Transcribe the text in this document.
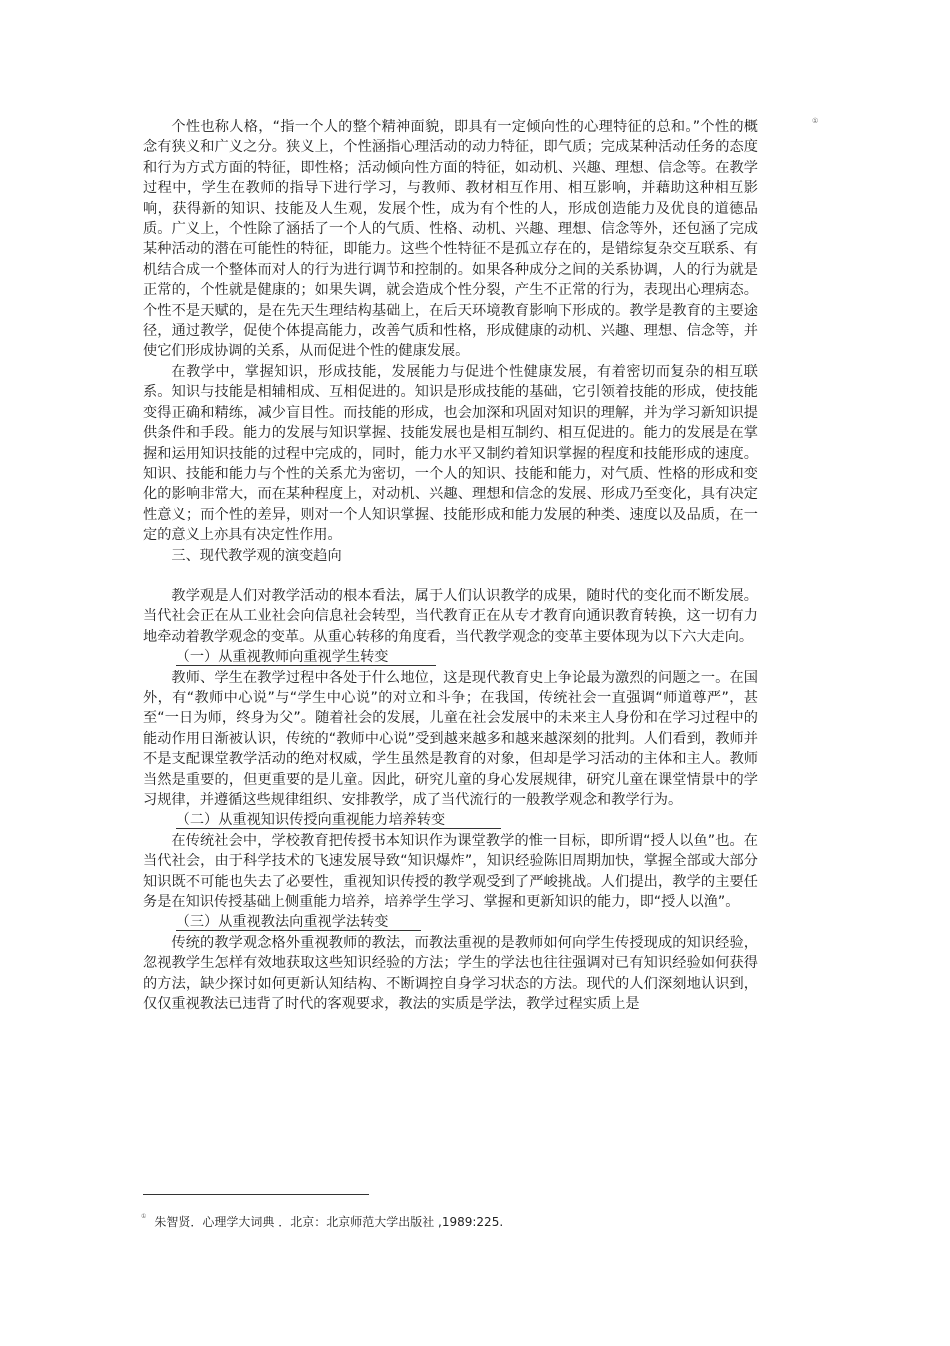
个性也称人格，“指一个人的整个精神面貌，即具有一定倾向性的心理特征的总和。”个性的概念有狭义和广义之分。狭义上，个性涵指心理活动的动力特征，即气质；完成某种活动任务的态度和行为方式方面的特征，即性格；活动倾向性方面的特征，如动机、兴趣、理想、信念等。在教学过程中，学生在教师的指导下进行学习，与教师、教材相互作用、相互影响，并藉助这种相互影响，获得新的知识、技能及人生观，发展个性，成为有个性的人，形成创造能力及优良的道德品质。广义上，个性除了涵括了一个人的气质、性格、动机、兴趣、理想、信念等外，还包涵了完成某种活动的潜在可能性的特征，即能力。这些个性特征不是孤立存在的，是错综复杂交互联系、有机结合成一个整体而对人的行为进行调节和控制的。如果各种成分之间的关系协调，人的行为就是正常的，个性就是健康的；如果失调，就会造成个性分裂，产生不正常的行为，表现出心理病态。个性不是天赋的，是在先天生理结构基础上，在后天环境教育影响下形成的。教学是教育的主要途径，通过教学，促使个体提高能力，改善气质和性格，形成健康的动机、兴趣、理想、信念等，并使它们形成协调的关系，从而促进个性的健康发展。

在教学中，掌握知识，形成技能，发展能力与促进个性健康发展，有着密切而复杂的相互联系。知识与技能是相辅相成、互相促进的。知识是形成技能的基础，它引领着技能的形成，使技能变得正确和精练，减少盲目性。而技能的形成，也会加深和巩固对知识的理解，并为学习新知识提供条件和手段。能力的发展与知识掌握、技能发展也是相互制约、相互促进的。能力的发展是在掌握和运用知识技能的过程中完成的，同时，能力水平又制约着知识掌握的程度和技能形成的速度。知识、技能和能力与个性的关系尤为密切，一个人的知识、技能和能力，对气质、性格的形成和变化的影响非常大，而在某种程度上，对动机、兴趣、理想和信念的发展、形成乃至变化，具有决定性意义；而个性的差异，则对一个人知识掌握、技能形成和能力发展的种类、速度以及品质，在一定的意义上亦具有决定性作用。

三、现代教学观的演变趋向

教学观是人们对教学活动的根本看法，属于人们认识教学的成果，随时代的变化而不断发展。当代社会正在从工业社会向信息社会转型，当代教育正在从专才教育向通识教育转换，这一切有力地牵动着教学观念的变革。从重心转移的角度看，当代教学观念的变革主要体现为以下六大走向。

（一）从重视教师向重视学生转变

教师、学生在教学过程中各处于什么地位，这是现代教育史上争论最为激烈的问题之一。在国外，有“教师中心说”与“学生中心说”的对立和斗争；在我国，传统社会一直强调“师道尊严”，甚至“一日为师，终身为父”。随着社会的发展，儿童在社会发展中的未来主人身份和在学习过程中的能动作用日渐被认识，传统的“教师中心说”受到越来越多和越来越深刻的批判。人们看到，教师并不是支配课堂教学活动的绝对权威，学生虽然是教育的对象，但却是学习活动的主体和主人。教师当然是重要的，但更重要的是儿童。因此，研究儿童的身心发展规律，研究儿童在课堂情景中的学习规律，并遵循这些规律组织、安排教学，成了当代流行的一般教学观念和教学行为。

（二）从重视知识传授向重视能力培养转变

在传统社会中，学校教育把传授书本知识作为课堂教学的惟一目标，即所谓“授人以鱼”也。在当代社会，由于科学技术的飞速发展导致“知识爆炸”，知识经验陈旧周期加快，掌握全部或大部分知识既不可能也失去了必要性，重视知识传授的教学观受到了严峻挑战。人们提出，教学的主要任务是在知识传授基础上侧重能力培养，培养学生学习、掌握和更新知识的能力，即“授人以渔”。

（三）从重视教法向重视学法转变

传统的教学观念格外重视教师的教法，而教法重视的是教师如何向学生传授现成的知识经验，忽视教学生怎样有效地获取这些知识经验的方法；学生的学法也往往强调对已有知识经验如何获得的方法，缺少探讨如何更新认知结构、不断调控自身学习状态的方法。现代的人们深刻地认识到，仅仅重视教法已违背了时代的客观要求，教法的实质是学法，教学过程实质上是

①
① 朱智贤．心理学大词典 ．北京：北京师范大学出版社 ,1989:225.
